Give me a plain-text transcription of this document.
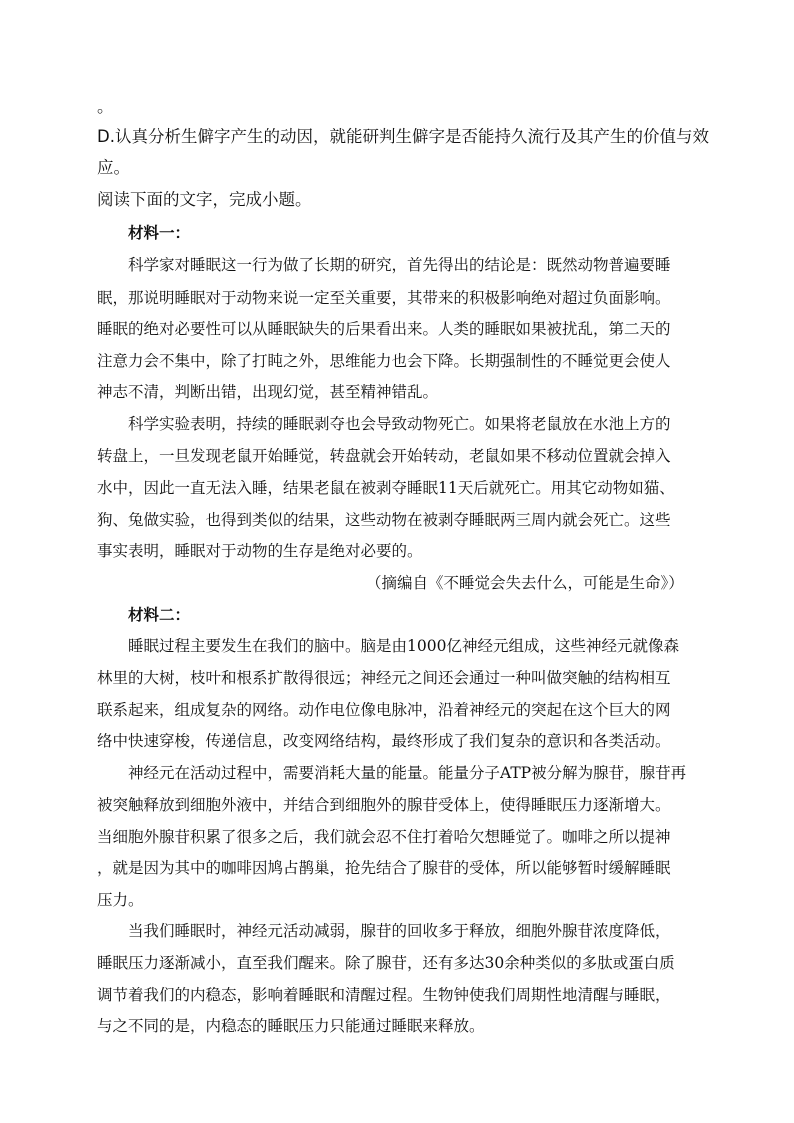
。
D.认真分析生僻字产生的动因，就能研判生僻字是否能持久流行及其产生的价值与效
应。
阅读下面的文字，完成小题。
材料一：
科学家对睡眠这一行为做了长期的研究，首先得出的结论是：既然动物普遍要睡
眠，那说明睡眠对于动物来说一定至关重要，其带来的积极影响绝对超过负面影响。
睡眠的绝对必要性可以从睡眠缺失的后果看出来。人类的睡眠如果被扰乱，第二天的
注意力会不集中，除了打盹之外，思维能力也会下降。长期强制性的不睡觉更会使人
神志不清，判断出错，出现幻觉，甚至精神错乱。
科学实验表明，持续的睡眠剥夺也会导致动物死亡。如果将老鼠放在水池上方的
转盘上，一旦发现老鼠开始睡觉，转盘就会开始转动，老鼠如果不移动位置就会掉入
水中，因此一直无法入睡，结果老鼠在被剥夺睡眠11天后就死亡。用其它动物如猫、
狗、兔做实验，也得到类似的结果，这些动物在被剥夺睡眠两三周内就会死亡。这些
事实表明，睡眠对于动物的生存是绝对必要的。
（摘编自《不睡觉会失去什么，可能是生命》）
材料二：
睡眠过程主要发生在我们的脑中。脑是由1000亿神经元组成，这些神经元就像森
林里的大树，枝叶和根系扩散得很远；神经元之间还会通过一种叫做突触的结构相互
联系起来，组成复杂的网络。动作电位像电脉冲，沿着神经元的突起在这个巨大的网
络中快速穿梭，传递信息，改变网络结构，最终形成了我们复杂的意识和各类活动。
神经元在活动过程中，需要消耗大量的能量。能量分子ATP被分解为腺苷，腺苷再
被突触释放到细胞外液中，并结合到细胞外的腺苷受体上，使得睡眠压力逐渐增大。
当细胞外腺苷积累了很多之后，我们就会忍不住打着哈欠想睡觉了。咖啡之所以提神
，就是因为其中的咖啡因鸠占鹊巢，抢先结合了腺苷的受体，所以能够暂时缓解睡眠
压力。
当我们睡眠时，神经元活动减弱，腺苷的回收多于释放，细胞外腺苷浓度降低，
睡眠压力逐渐减小，直至我们醒来。除了腺苷，还有多达30余种类似的多肽或蛋白质
调节着我们的内稳态，影响着睡眠和清醒过程。生物钟使我们周期性地清醒与睡眠，
与之不同的是，内稳态的睡眠压力只能通过睡眠来释放。
